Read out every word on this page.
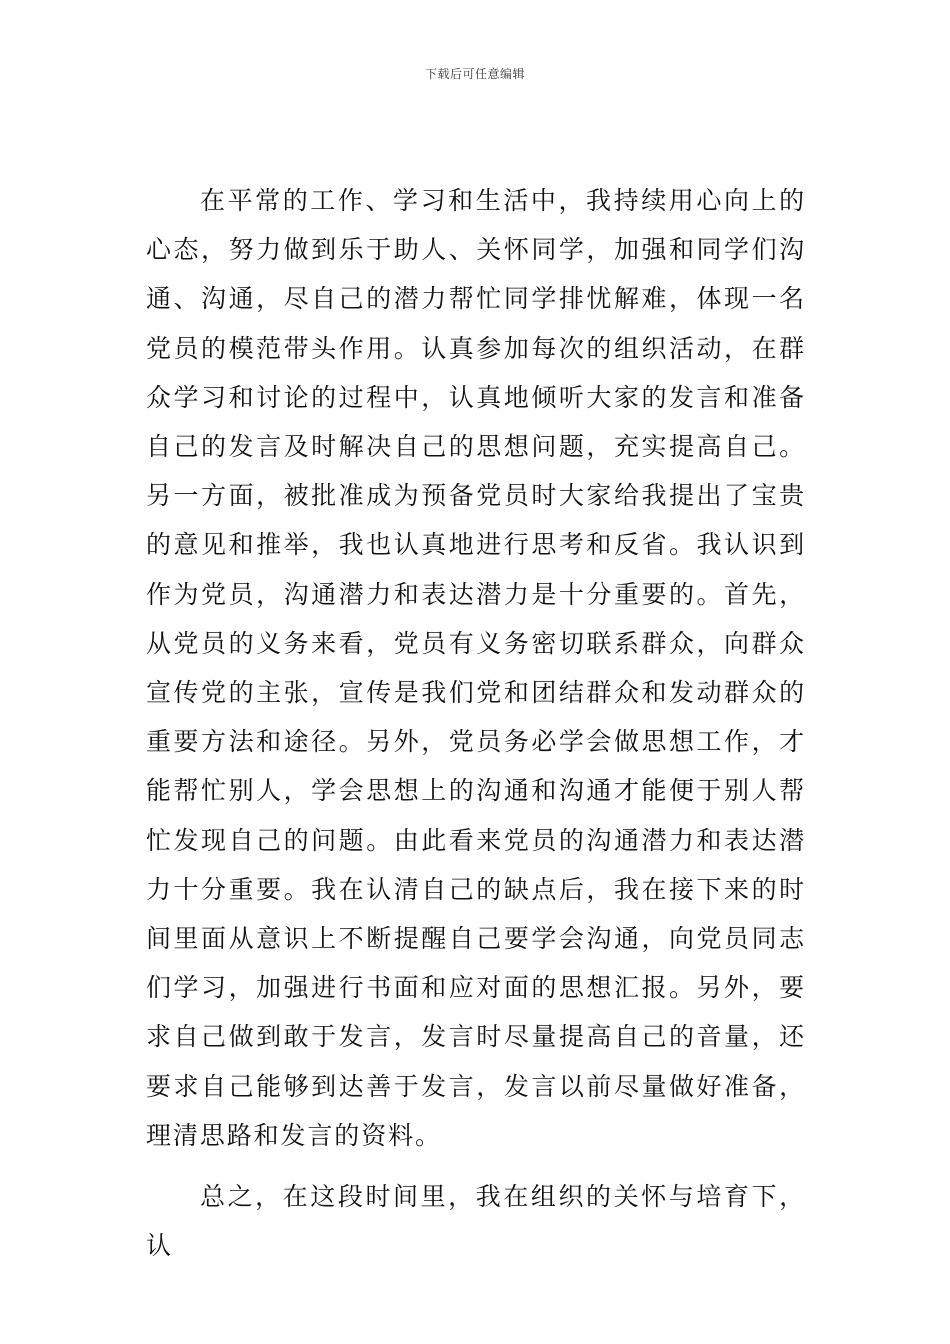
下载后可任意编辑

在平常的工作、学习和生活中，我持续用心向上的心态，努力做到乐于助人、关怀同学，加强和同学们沟通、沟通，尽自己的潜力帮忙同学排忧解难，体现一名党员的模范带头作用。认真参加每次的组织活动，在群众学习和讨论的过程中，认真地倾听大家的发言和准备自己的发言及时解决自己的思想问题，充实提高自己。另一方面，被批准成为预备党员时大家给我提出了宝贵的意见和推举，我也认真地进行思考和反省。我认识到作为党员，沟通潜力和表达潜力是十分重要的。首先，从党员的义务来看，党员有义务密切联系群众，向群众宣传党的主张，宣传是我们党和团结群众和发动群众的重要方法和途径。另外，党员务必学会做思想工作，才能帮忙别人，学会思想上的沟通和沟通才能便于别人帮忙发现自己的问题。由此看来党员的沟通潜力和表达潜力十分重要。我在认清自己的缺点后，我在接下来的时间里面从意识上不断提醒自己要学会沟通，向党员同志们学习，加强进行书面和应对面的思想汇报。另外，要求自己做到敢于发言，发言时尽量提高自己的音量，还要求自己能够到达善于发言，发言以前尽量做好准备，理清思路和发言的资料。

总之，在这段时间里，我在组织的关怀与培育下，认
